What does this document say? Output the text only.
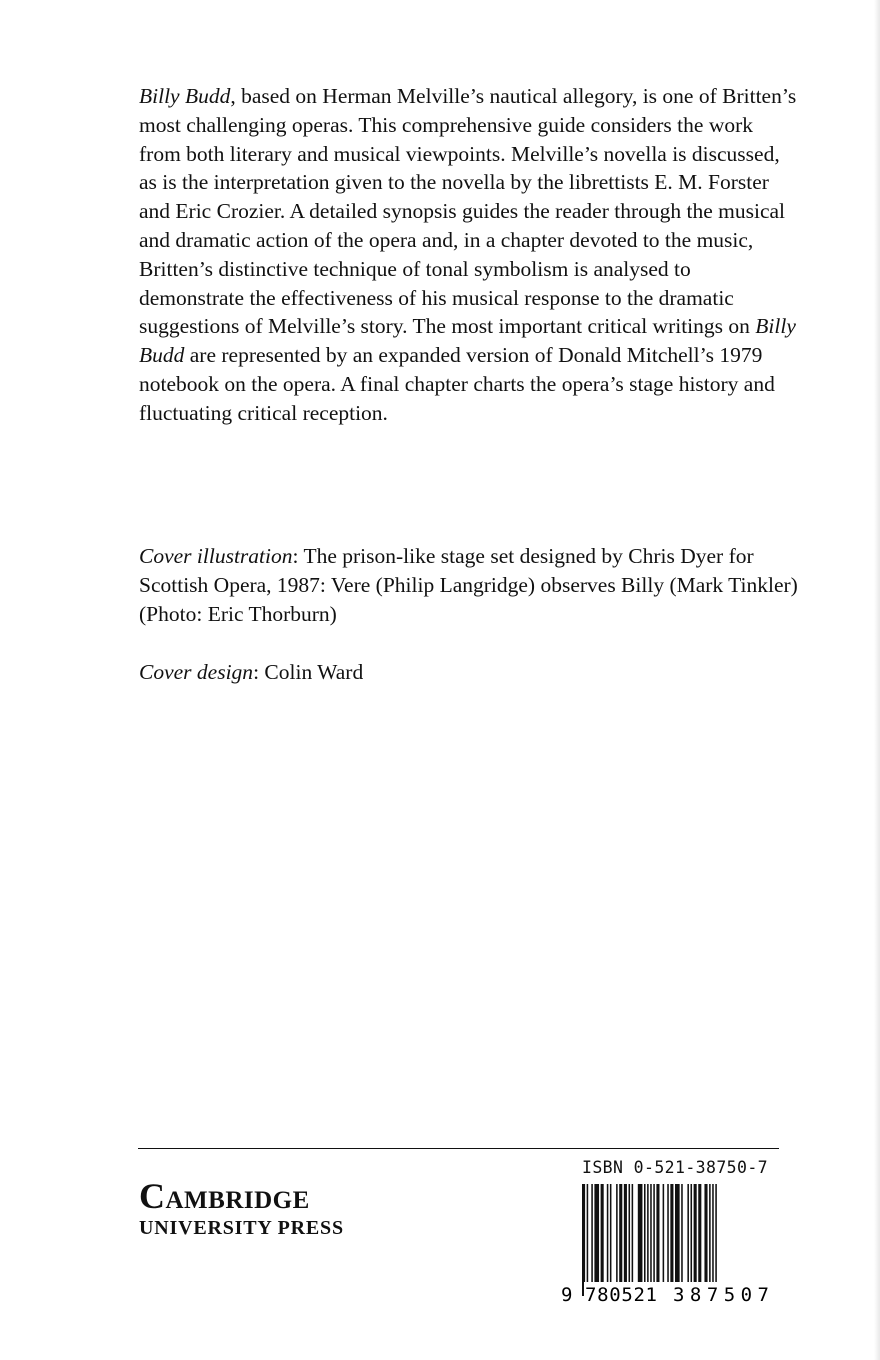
Billy Budd, based on Herman Melville’s nautical allegory, is one of Britten’s most challenging operas. This comprehensive guide considers the work from both literary and musical viewpoints. Melville’s novella is discussed, as is the interpretation given to the novella by the librettists E. M. Forster and Eric Crozier. A detailed synopsis guides the reader through the musical and dramatic action of the opera and, in a chapter devoted to the music, Britten’s distinctive technique of tonal symbolism is analysed to demonstrate the effectiveness of his musical response to the dramatic suggestions of Melville’s story. The most important critical writings on Billy Budd are represented by an expanded version of Donald Mitchell’s 1979 notebook on the opera. A final chapter charts the opera’s stage history and fluctuating critical reception.

Cover illustration: The prison-like stage set designed by Chris Dyer for Scottish Opera, 1987: Vere (Philip Langridge) observes Billy (Mark Tinkler) (Photo: Eric Thorburn)

Cover design: Colin Ward

Cambridge
UNIVERSITY PRESS
ISBN 0-521-38750-7
9 780521 387507
